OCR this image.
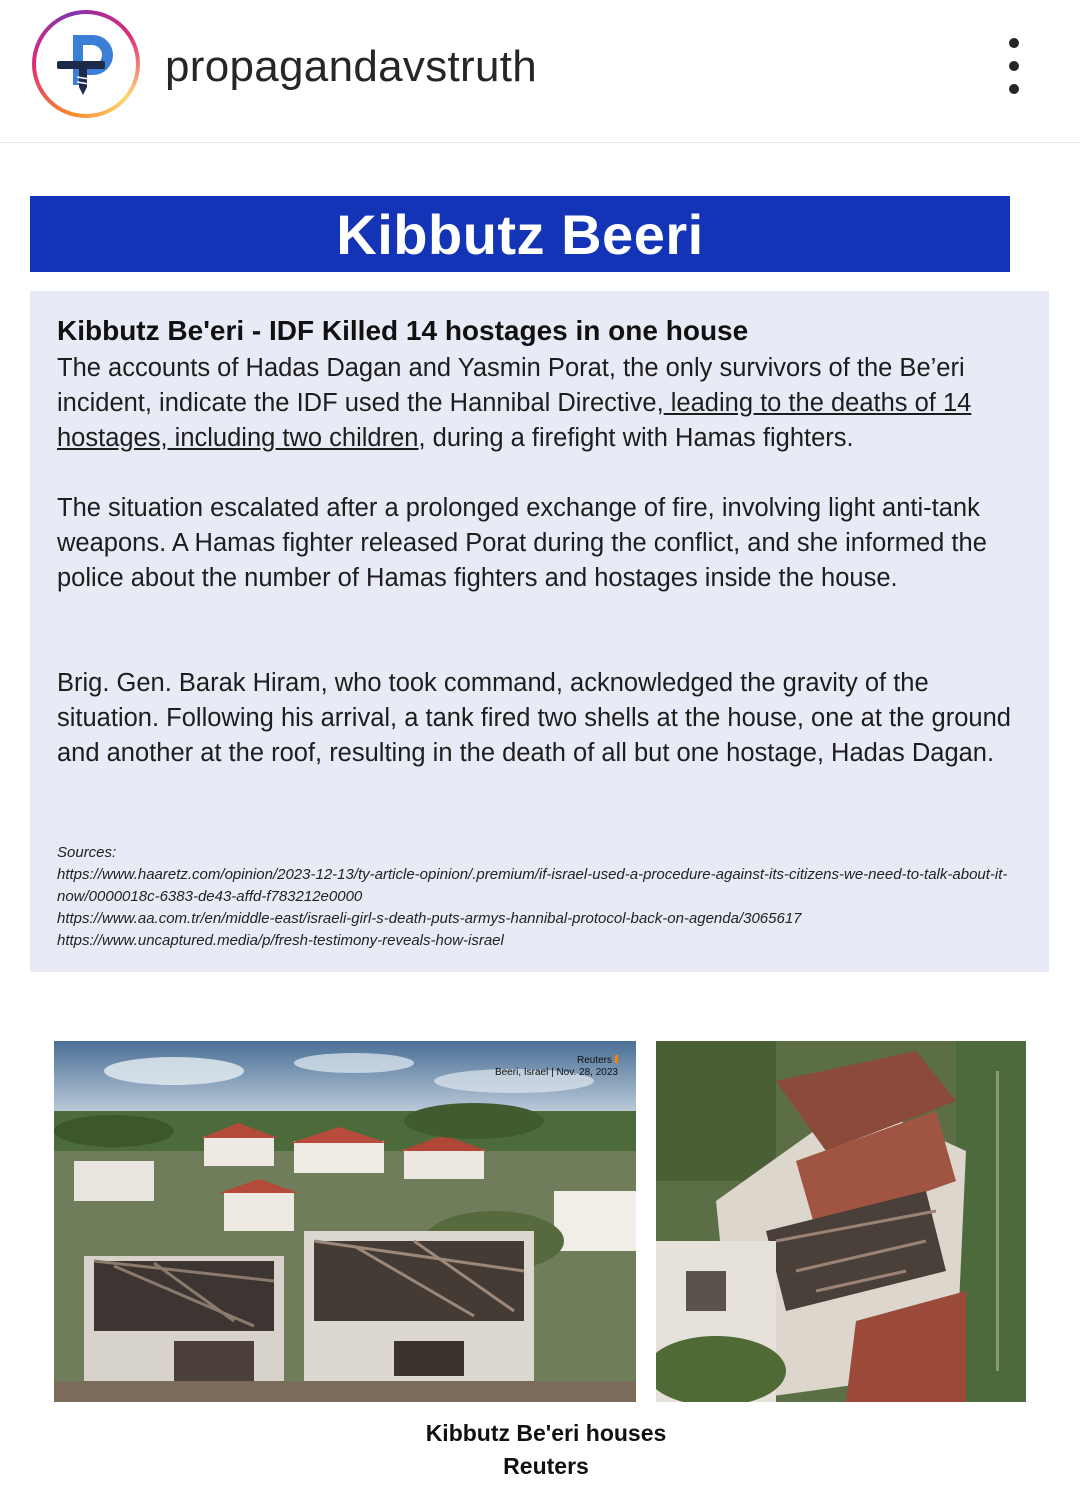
propagandavstruth
Kibbutz Beeri
Kibbutz Be'eri - IDF Killed 14 hostages in one house
The accounts of Hadas Dagan and Yasmin Porat, the only survivors of the Be’eri incident, indicate the IDF used the Hannibal Directive, leading to the deaths of 14 hostages, including two children, during a firefight with Hamas fighters.
The situation escalated after a prolonged exchange of fire, involving light anti-tank weapons. A Hamas fighter released Porat during the conflict, and she informed the police about the number of Hamas fighters and hostages inside the house.
Brig. Gen. Barak Hiram, who took command, acknowledged the gravity of the situation. Following his arrival, a tank fired two shells at the house, one at the ground and another at the roof, resulting in the death of all but one hostage, Hadas Dagan.
Sources:
https://www.haaretz.com/opinion/2023-12-13/ty-article-opinion/.premium/if-israel-used-a-procedure-against-its-citizens-we-need-to-talk-about-it-now/0000018c-6383-de43-affd-f783212e0000
https://www.aa.com.tr/en/middle-east/israeli-girl-s-death-puts-armys-hannibal-protocol-back-on-agenda/3065617
https://www.uncaptured.media/p/fresh-testimony-reveals-how-israel
Reuters
Beeri, Israel | Nov. 28, 2023
Kibbutz Be'eri houses
Reuters
